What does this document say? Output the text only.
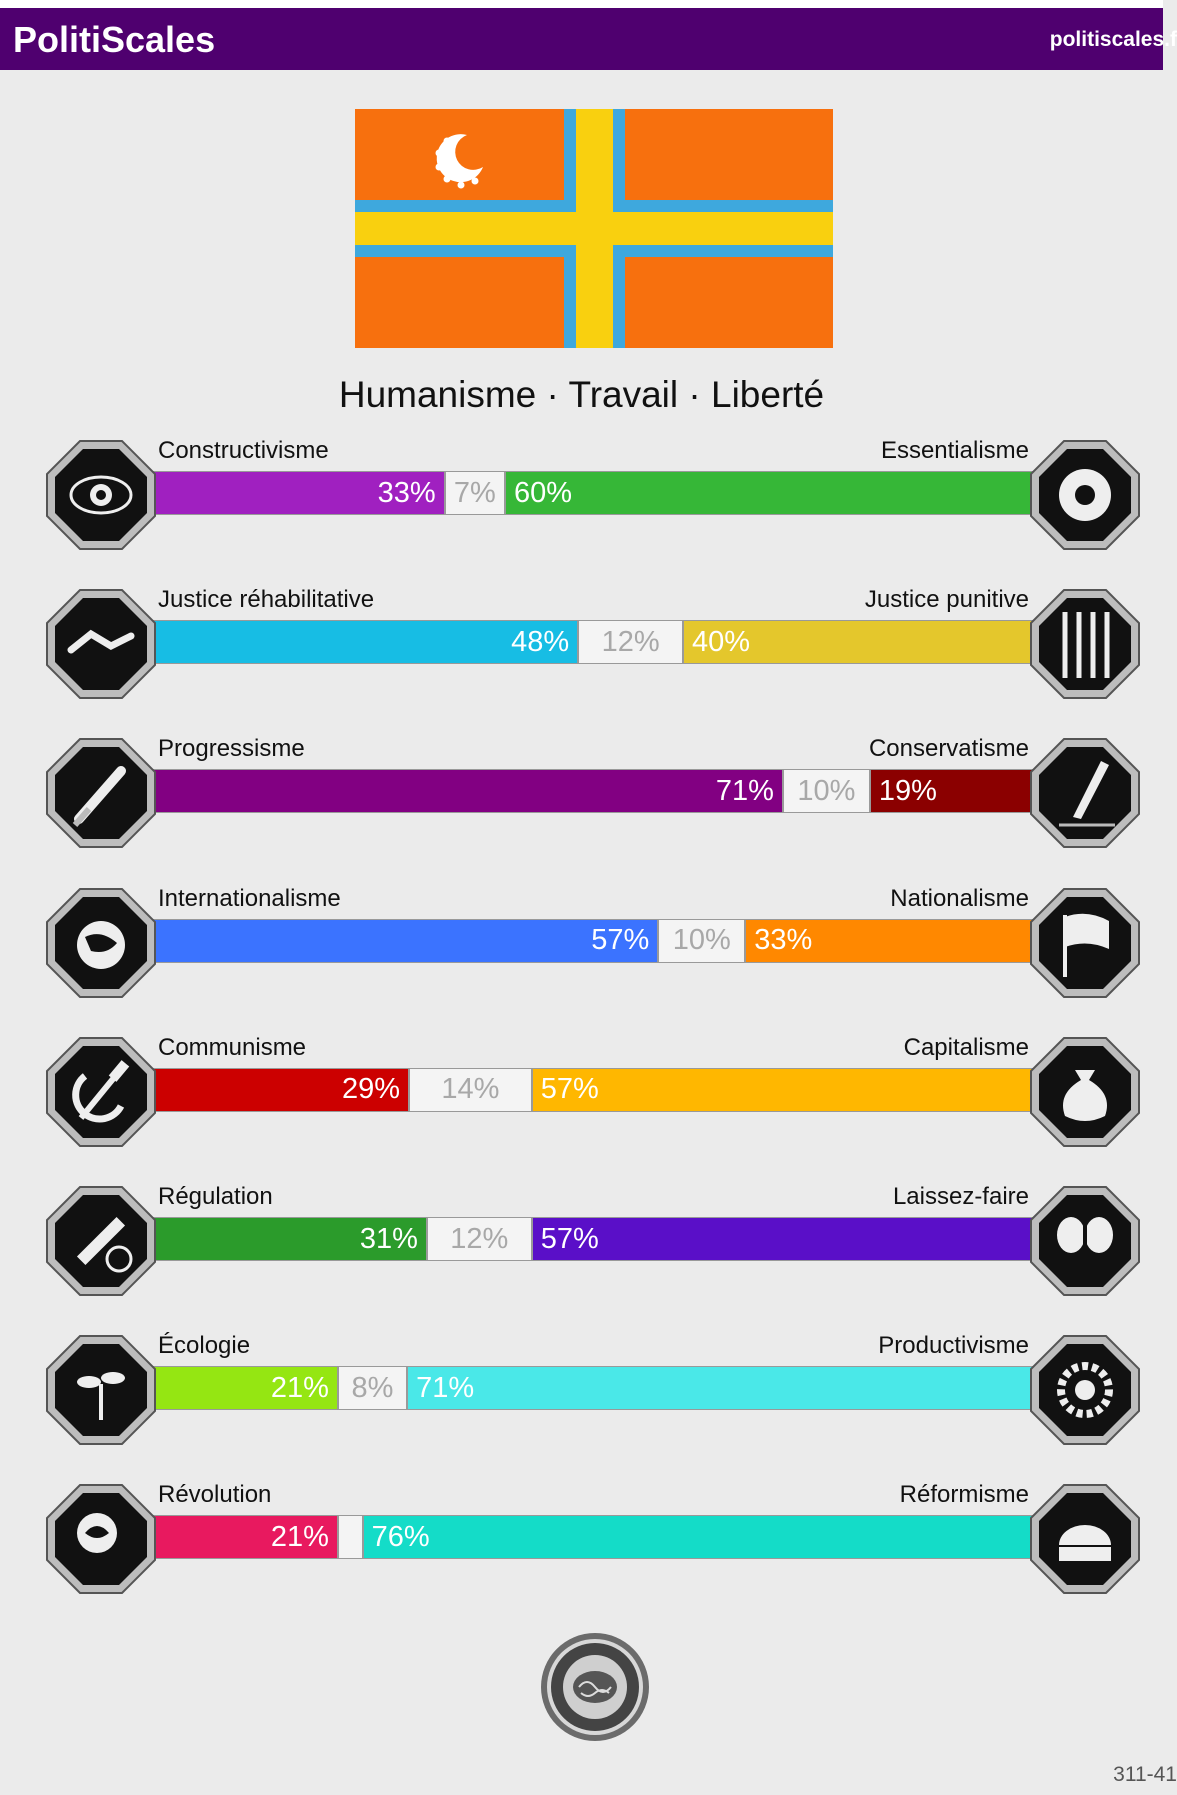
PolitiScales	politiscales.f
Humanisme · Travail · Liberté
Constructivisme	Essentialisme
33% 7% 60%
Justice réhabilitative	Justice punitive
48%	12%	40%
Progressisme	Conservatisme
71% 10% 19%
Internationalisme	Nationalisme
57% 10% 33%
Communisme	Capitalisme
29%	14%	57%
Régulation	Laissez-faire
31%	12%	57%
Écologie	Productivisme
21% 8% 71%
Révolution	Réformisme
21% 76%
311-41
